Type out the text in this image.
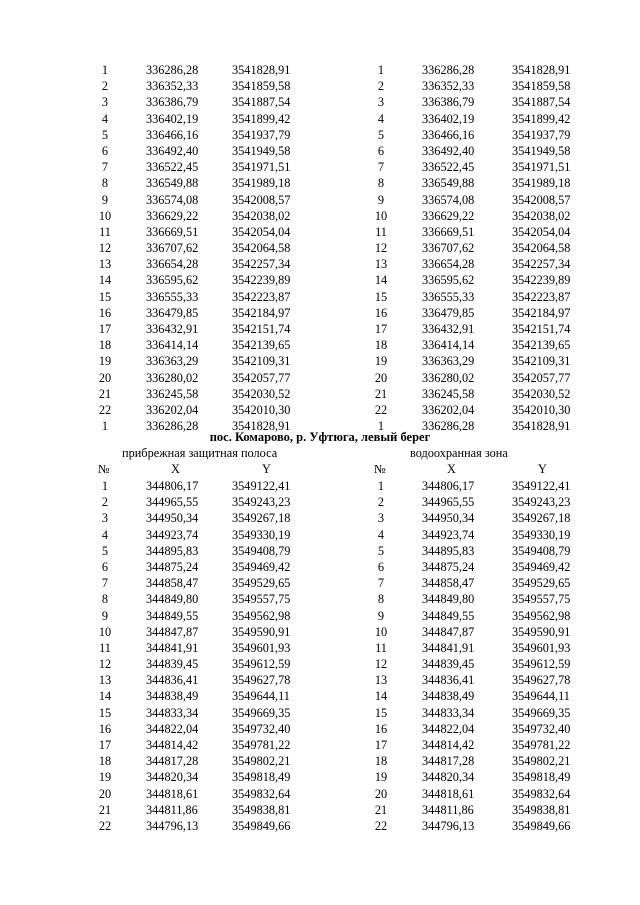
1	336286,28	3541828,91
2	336352,33	3541859,58
3	336386,79	3541887,54
4	336402,19	3541899,42
5	336466,16	3541937,79
6	336492,40	3541949,58
7	336522,45	3541971,51
8	336549,88	3541989,18
9	336574,08	3542008,57
10	336629,22	3542038,02
11	336669,51	3542054,04
12	336707,62	3542064,58
13	336654,28	3542257,34
14	336595,62	3542239,89
15	336555,33	3542223,87
16	336479,85	3542184,97
17	336432,91	3542151,74
18	336414,14	3542139,65
19	336363,29	3542109,31
20	336280,02	3542057,77
21	336245,58	3542030,52
22	336202,04	3542010,30
1	336286,28	3541828,91
1	336286,28	3541828,91
2	336352,33	3541859,58
3	336386,79	3541887,54
4	336402,19	3541899,42
5	336466,16	3541937,79
6	336492,40	3541949,58
7	336522,45	3541971,51
8	336549,88	3541989,18
9	336574,08	3542008,57
10	336629,22	3542038,02
11	336669,51	3542054,04
12	336707,62	3542064,58
13	336654,28	3542257,34
14	336595,62	3542239,89
15	336555,33	3542223,87
16	336479,85	3542184,97
17	336432,91	3542151,74
18	336414,14	3542139,65
19	336363,29	3542109,31
20	336280,02	3542057,77
21	336245,58	3542030,52
22	336202,04	3542010,30
1	336286,28	3541828,91
пос. Комарово, р. Уфтюга, левый берег
прибрежная защитная полоса	водоохранная зона
№	X	Y	№	X	Y
1	344806,17	3549122,41
2	344965,55	3549243,23
3	344950,34	3549267,18
4	344923,74	3549330,19
5	344895,83	3549408,79
6	344875,24	3549469,42
7	344858,47	3549529,65
8	344849,80	3549557,75
9	344849,55	3549562,98
10	344847,87	3549590,91
11	344841,91	3549601,93
12	344839,45	3549612,59
13	344836,41	3549627,78
14	344838,49	3549644,11
15	344833,34	3549669,35
16	344822,04	3549732,40
17	344814,42	3549781,22
18	344817,28	3549802,21
19	344820,34	3549818,49
20	344818,61	3549832,64
21	344811,86	3549838,81
22	344796,13	3549849,66
1	344806,17	3549122,41
2	344965,55	3549243,23
3	344950,34	3549267,18
4	344923,74	3549330,19
5	344895,83	3549408,79
6	344875,24	3549469,42
7	344858,47	3549529,65
8	344849,80	3549557,75
9	344849,55	3549562,98
10	344847,87	3549590,91
11	344841,91	3549601,93
12	344839,45	3549612,59
13	344836,41	3549627,78
14	344838,49	3549644,11
15	344833,34	3549669,35
16	344822,04	3549732,40
17	344814,42	3549781,22
18	344817,28	3549802,21
19	344820,34	3549818,49
20	344818,61	3549832,64
21	344811,86	3549838,81
22	344796,13	3549849,66
